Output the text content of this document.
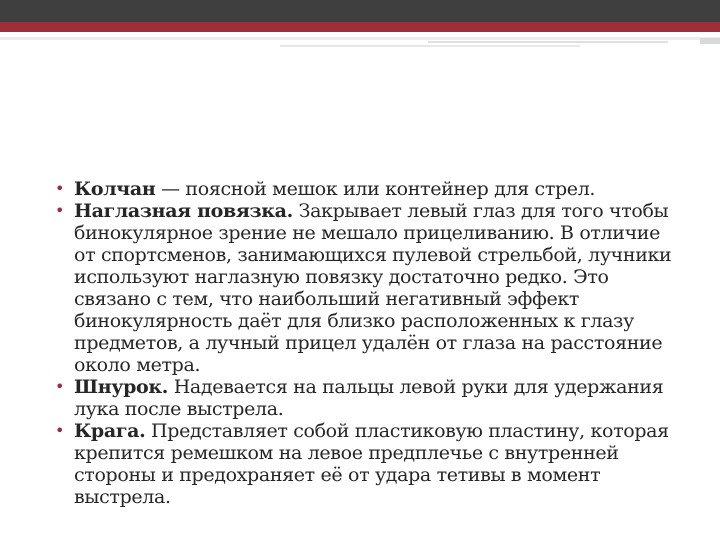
• Колчан — поясной мешок или контейнер для стрел.
• Наглазная повязка. Закрывает левый глаз для того чтобы бинокулярное зрение не мешало прицеливанию. В отличие от спортсменов, занимающихся пулевой стрельбой, лучники используют наглазную повязку достаточно редко. Это связано с тем, что наибольший негативный эффект бинокулярность даёт для близко расположенных к глазу предметов, а лучный прицел удалён от глаза на расстояние около метра.
• Шнурок. Надевается на пальцы левой руки для удержания лука после выстрела.
• Крага. Представляет собой пластиковую пластину, которая крепится ремешком на левое предплечье с внутренней стороны и предохраняет её от удара тетивы в момент выстрела.
